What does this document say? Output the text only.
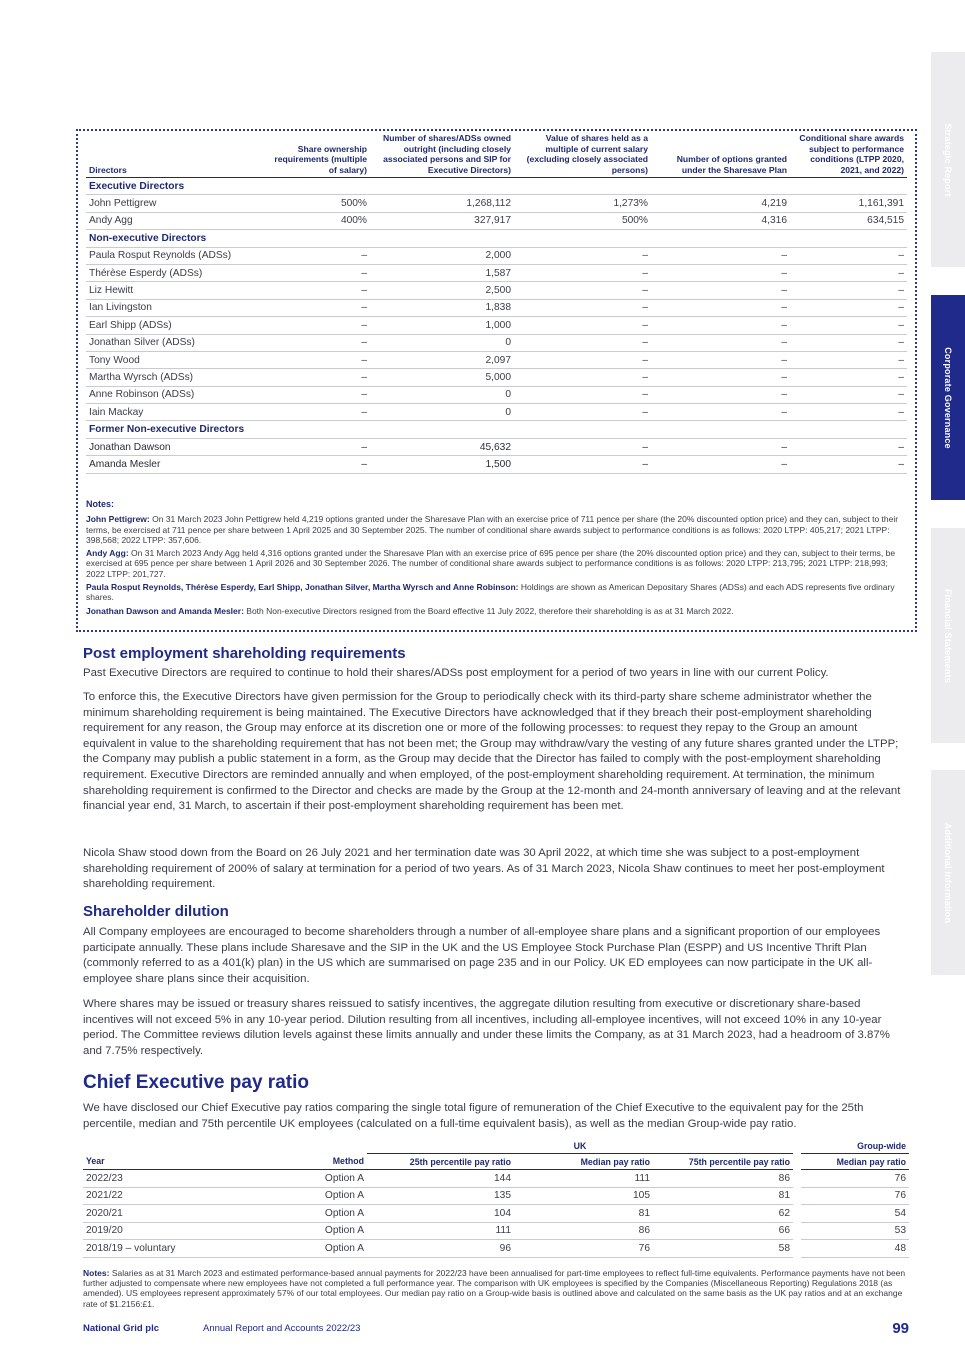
Strategic Report
Corporate Governance
Financial Statements
Additional Information
Directors	Share ownership requirements (multiple of salary)	Number of shares/ADSs owned outright (including closely associated persons and SIP for Executive Directors)	Value of shares held as a multiple of current salary (excluding closely associated persons)	Number of options granted under the Sharesave Plan	Conditional share awards subject to performance conditions (LTPP 2020, 2021, and 2022)
Executive Directors					
John Pettigrew	500%	1,268,112	1,273%	4,219	1,161,391
Andy Agg	400%	327,917	500%	4,316	634,515
Non-executive Directors					
Paula Rosput Reynolds (ADSs)	–	2,000	–	–	–
Thérèse Esperdy (ADSs)	–	1,587	–	–	–
Liz Hewitt	–	2,500	–	–	–
Ian Livingston	–	1,838	–	–	–
Earl Shipp (ADSs)	–	1,000	–	–	–
Jonathan Silver (ADSs)	–	0	–	–	–
Tony Wood	–	2,097	–	–	–
Martha Wyrsch (ADSs)	–	5,000	–	–	–
Anne Robinson (ADSs)	–	0	–	–	–
Iain Mackay	–	0	–	–	–
Former Non-executive Directors					
Jonathan Dawson	–	45,632	–	–	–
Amanda Mesler	–	1,500	–	–	–
Notes:

John Pettigrew: On 31 March 2023 John Pettigrew held 4,219 options granted under the Sharesave Plan with an exercise price of 711 pence per share (the 20% discounted option price) and they can, subject to their terms, be exercised at 711 pence per share between 1 April 2025 and 30 September 2025. The number of conditional share awards subject to performance conditions is as follows: 2020 LTPP: 405,217; 2021 LTPP: 398,568; 2022 LTPP: 357,606.

Andy Agg: On 31 March 2023 Andy Agg held 4,316 options granted under the Sharesave Plan with an exercise price of 695 pence per share (the 20% discounted option price) and they can, subject to their terms, be exercised at 695 pence per share between 1 April 2026 and 30 September 2026. The number of conditional share awards subject to performance conditions is as follows: 2020 LTPP: 213,795; 2021 LTPP: 218,993; 2022 LTPP: 201,727.

Paula Rosput Reynolds, Thérèse Esperdy, Earl Shipp, Jonathan Silver, Martha Wyrsch and Anne Robinson: Holdings are shown as American Depositary Shares (ADSs) and each ADS represents five ordinary shares.

Jonathan Dawson and Amanda Mesler: Both Non-executive Directors resigned from the Board effective 11 July 2022, therefore their shareholding is as at 31 March 2022.

Post employment shareholding requirements

Past Executive Directors are required to continue to hold their shares/ADSs post employment for a period of two years in line with our current Policy.

To enforce this, the Executive Directors have given permission for the Group to periodically check with its third-party share scheme administrator whether the minimum shareholding requirement is being maintained. The Executive Directors have acknowledged that if they breach their post-employment shareholding requirement for any reason, the Group may enforce at its discretion one or more of the following processes: to request they repay to the Group an amount equivalent in value to the shareholding requirement that has not been met; the Group may withdraw/vary the vesting of any future shares granted under the LTPP; the Company may publish a public statement in a form, as the Group may decide that the Director has failed to comply with the post-employment shareholding requirement. Executive Directors are reminded annually and when employed, of the post-employment shareholding requirement. At termination, the minimum shareholding requirement is confirmed to the Director and checks are made by the Group at the 12-month and 24-month anniversary of leaving and at the relevant financial year end, 31 March, to ascertain if their post-employment shareholding requirement has been met.

Nicola Shaw stood down from the Board on 26 July 2021 and her termination date was 30 April 2022, at which time she was subject to a post-employment shareholding requirement of 200% of salary at termination for a period of two years. As of 31 March 2023, Nicola Shaw continues to meet her post-employment shareholding requirement.

Shareholder dilution

All Company employees are encouraged to become shareholders through a number of all-employee share plans and a significant proportion of our employees participate annually. These plans include Sharesave and the SIP in the UK and the US Employee Stock Purchase Plan (ESPP) and US Incentive Thrift Plan (commonly referred to as a 401(k) plan) in the US which are summarised on page 235 and in our Policy. UK ED employees can now participate in the UK all-employee share plans since their acquisition.

Where shares may be issued or treasury shares reissued to satisfy incentives, the aggregate dilution resulting from executive or discretionary share-based incentives will not exceed 5% in any 10-year period. Dilution resulting from all incentives, including all-employee incentives, will not exceed 10% in any 10-year period. The Committee reviews dilution levels against these limits annually and under these limits the Company, as at 31 March 2023, had a headroom of 3.87% and 7.75% respectively.

Chief Executive pay ratio

We have disclosed our Chief Executive pay ratios comparing the single total figure of remuneration of the Chief Executive to the equivalent pay for the 25th percentile, median and 75th percentile UK employees (calculated on a full-time equivalent basis), as well as the median Group-wide pay ratio.

		UK			Group-wide
Year	Method	25th percentile pay ratio	Median pay ratio	75th percentile pay ratio	Median pay ratio
2022/23	Option A	144	111	86	76
2021/22	Option A	135	105	81	76
2020/21	Option A	104	81	62	54
2019/20	Option A	111	86	66	53
2018/19 – voluntary	Option A	96	76	58	48

Notes: Salaries as at 31 March 2023 and estimated performance-based annual payments for 2022/23 have been annualised for part-time employees to reflect full-time equivalents. Performance payments have not been further adjusted to compensate where new employees have not completed a full performance year. The comparison with UK employees is specified by the Companies (Miscellaneous Reporting) Regulations 2018 (as amended). US employees represent approximately 57% of our total employees. Our median pay ratio on a Group-wide basis is outlined above and calculated on the same basis as the UK pay ratios and at an exchange rate of $1.2156:£1.

National Grid plc	Annual Report and Accounts 2022/23	99
